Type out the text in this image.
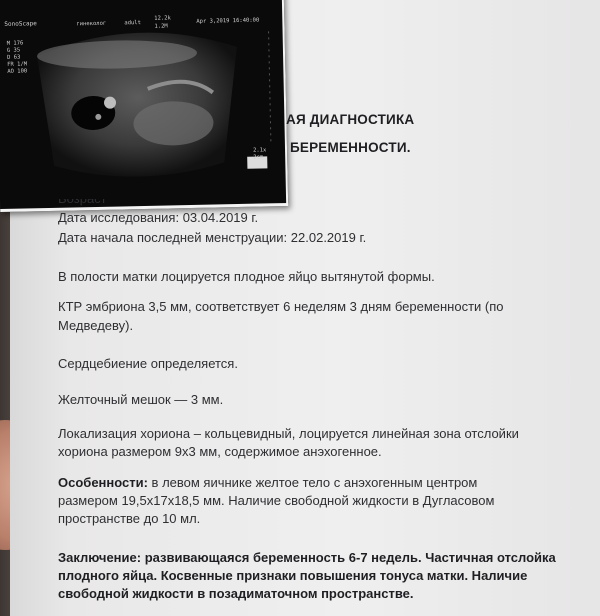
SonoScape	гинеколог	adult
12.2k
1.2M
Apr 3,2019 16:40:00
M 176
G 35
D 63
FR 1/M
AO 100
2.1x
2cm
АЯ ДИАГНОСТИКА
БЕРЕМЕННОСТИ.
Дата исследования: 03.04.2019 г.
Дата начала последней менструации: 22.02.2019 г.
В полости матки лоцируется плодное яйцо вытянутой формы.
КТР эмбриона 3,5 мм, соответствует 6 неделям 3 дням беременности (по
Медведеву).
Сердцебиение определяется.
Желточный мешок — 3 мм.
Локализация хориона – кольцевидный, лоцируется линейная зона отслойки
хориона размером 9х3 мм, содержимое анэхогенное.
Особенности: в левом яичнике желтое тело с анэхогенным центром
размером 19,5х17х18,5 мм. Наличие свободной жидкости в Дугласовом
пространстве до 10 мл.
Заключение: развивающаяся беременность 6-7 недель. Частичная отслойка
плодного яйца. Косвенные признаки повышения тонуса матки. Наличие
свободной жидкости в позадиматочном пространстве.
